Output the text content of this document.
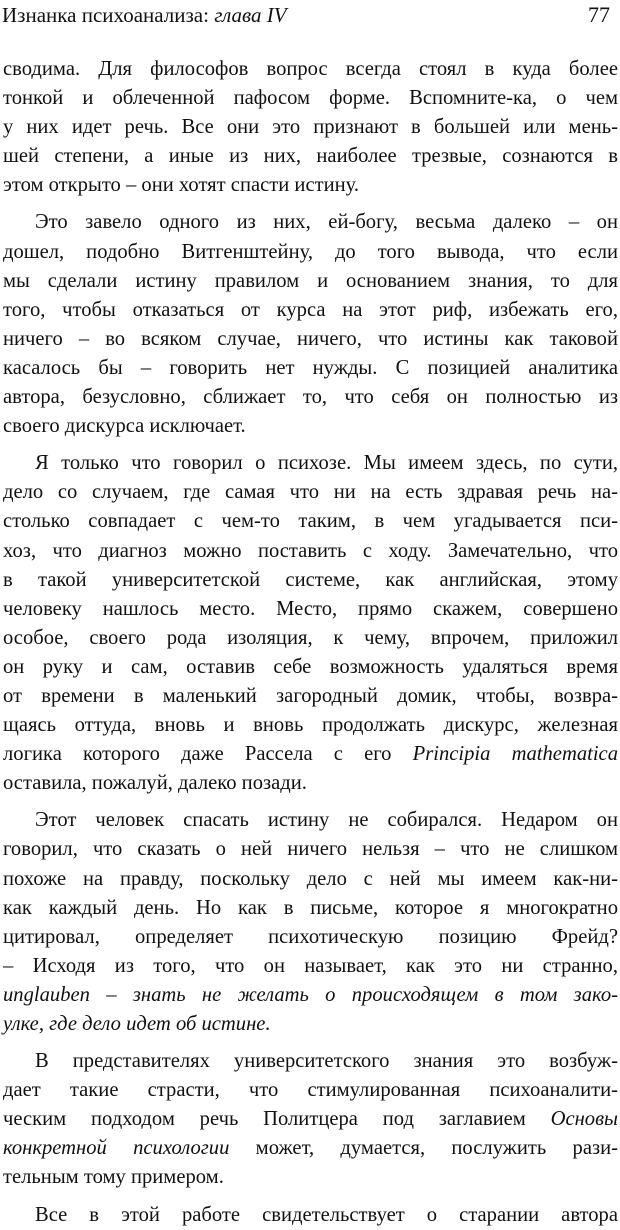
Изнанка психоанализа: глава IV	77
сводима. Для философов вопрос всегда стоял в куда более
тонкой и облеченной пафосом форме. Вспомните-ка, о чем
у них идет речь. Все они это признают в большей или мень-
шей степени, а иные из них, наиболее трезвые, сознаются в
этом открыто – они хотят спасти истину.
Это завело одного из них, ей-богу, весьма далеко – он
дошел, подобно Витгенштейну, до того вывода, что если
мы сделали истину правилом и основанием знания, то для
того, чтобы отказаться от курса на этот риф, избежать его,
ничего – во всяком случае, ничего, что истины как таковой
касалось бы – говорить нет нужды. С позицией аналитика
автора, безусловно, сближает то, что себя он полностью из
своего дискурса исключает.
Я только что говорил о психозе. Мы имеем здесь, по сути,
дело со случаем, где самая что ни на есть здравая речь на-
столько совпадает с чем-то таким, в чем угадывается пси-
хоз, что диагноз можно поставить с ходу. Замечательно, что
в такой университетской системе, как английская, этому
человеку нашлось место. Место, прямо скажем, совершено
особое, своего рода изоляция, к чему, впрочем, приложил
он руку и сам, оставив себе возможность удаляться время
от времени в маленький загородный домик, чтобы, возвра-
щаясь оттуда, вновь и вновь продолжать дискурс, железная
логика которого даже Рассела с его Principia mathematica
оставила, пожалуй, далеко позади.
Этот человек спасать истину не собирался. Недаром он
говорил, что сказать о ней ничего нельзя – что не слишком
похоже на правду, поскольку дело с ней мы имеем как-ни-
как каждый день. Но как в письме, которое я многократно
цитировал, определяет психотическую позицию Фрейд?
– Исходя из того, что он называет, как это ни странно,
unglauben – знать не желать о происходящем в том зако-
улке, где дело идет об истине.
В представителях университетского знания это возбуж-
дает такие страсти, что стимулированная психоаналити-
ческим подходом речь Политцера под заглавием Основы
конкретной психологии может, думается, послужить рази-
тельным тому примером.
Все в этой работе свидетельствует о старании автора
